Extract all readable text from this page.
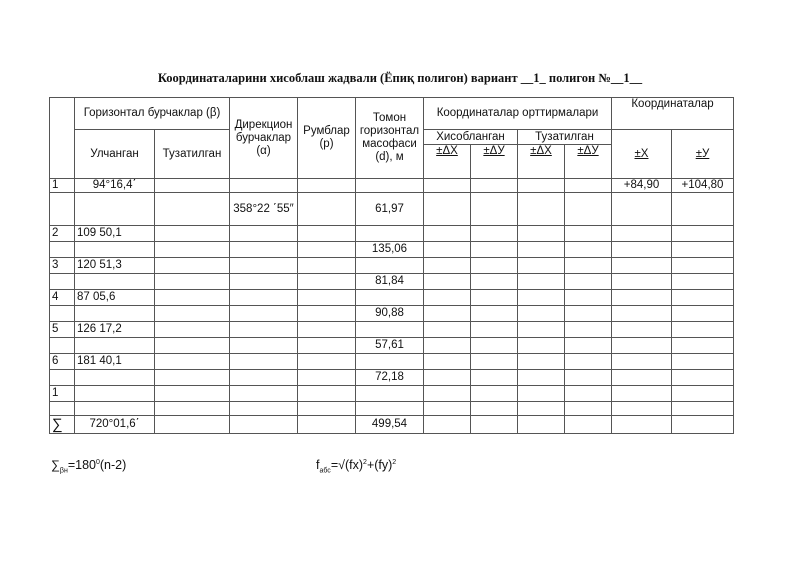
Координаталарини хисоблаш жадвали (Ёпиқ полигон) вариант __1_ полигон №__1__
	Горизонтал бурчаклар (β)		Дирекцион бурчаклар (α)	Румблар (р)	Томон горизонтал масофаси (d), м	Координаталар орттирмалари				Координаталар	
	Улчанган	Тузатилган				Хисобланган		Тузатилган		±X	±У
						±ΔX	±ΔУ	±ΔX	±ΔУ		
1	94°16,4΄									+84,90	+104,80
			358°22 ΄55″		61,97						
2	109 50,1										
					135,06						
3	120 51,3										
					81,84						
4	87 05,6										
					90,88						
5	126 17,2										
					57,61						
6	181 40,1										
					72,18						
1											

∑	720°01,6΄				499,54						
$\sum_{\beta н}=180^0(n-2)$	$f_{абс}=√(fx)^2+(fy)^2$
